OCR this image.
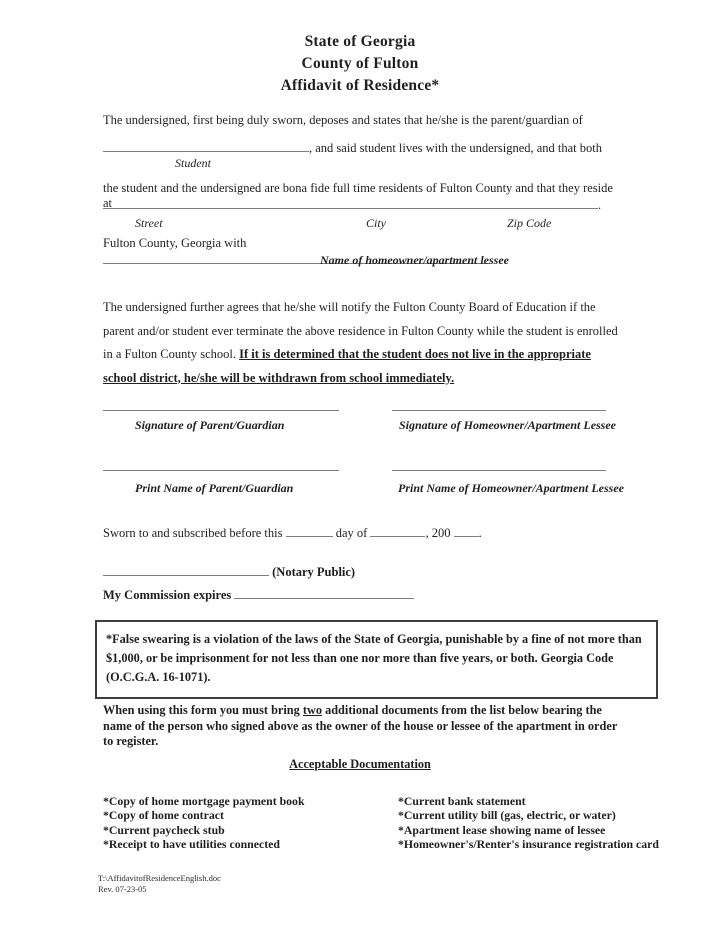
State of Georgia
County of Fulton
Affidavit of Residence*
The undersigned, first being duly sworn, deposes and states that he/she is the parent/guardian of
, and said student lives with the undersigned, and that both
Student
the student and the undersigned are bona fide full time residents of Fulton County and that they reside at	.
Street	City	Zip Code
Fulton County, Georgia with
Name of homeowner/apartment lessee
The undersigned further agrees that he/she will notify the Fulton County Board of Education if the parent and/or student ever terminate the above residence in Fulton County while the student is enrolled in a Fulton County school. If it is determined that the student does not live in the appropriate school district, he/she will be withdrawn from school immediately.
Signature of Parent/Guardian	Signature of Homeowner/Apartment Lessee
Print Name of Parent/Guardian	Print Name of Homeowner/Apartment Lessee
Sworn to and subscribed before this	day of	, 200 .
(Notary Public)
My Commission expires
*False swearing is a violation of the laws of the State of Georgia, punishable by a fine of not more than $1,000, or be imprisonment for not less than one nor more than five years, or both. Georgia Code (O.C.G.A. 16-1071).
When using this form you must bring two additional documents from the list below bearing the name of the person who signed above as the owner of the house or lessee of the apartment in order to register.
Acceptable Documentation
*Copy of home mortgage payment book
*Copy of home contract
*Current paycheck stub
*Receipt to have utilities connected
*Current bank statement
*Current utility bill (gas, electric, or water)
*Apartment lease showing name of lessee
*Homeowner's/Renter's insurance registration card
T:\AffidavitofResidenceEnglish.doc
Rev. 07-23-05
